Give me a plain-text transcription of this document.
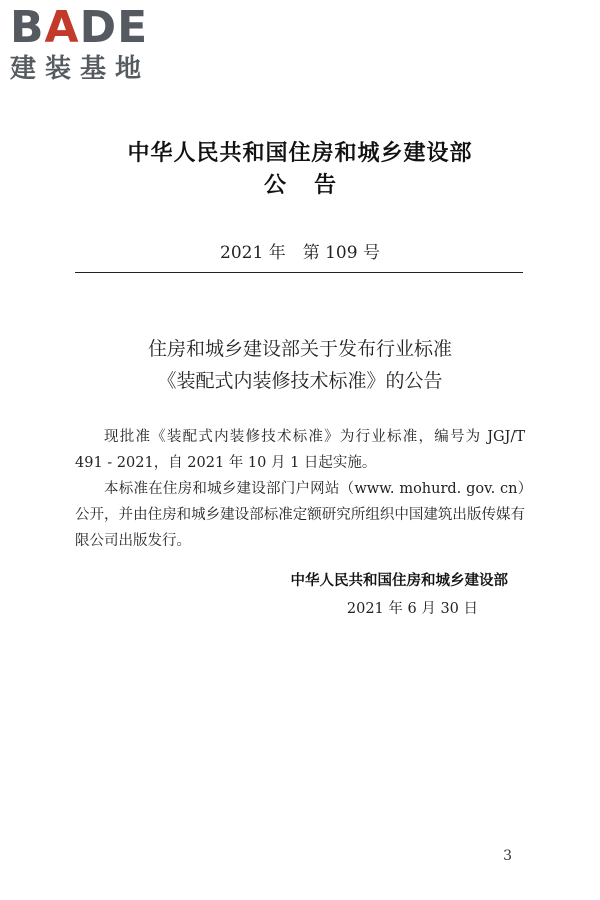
BADE
建装基地
中华人民共和国住房和城乡建设部
公告
2021 年　第 109 号
住房和城乡建设部关于发布行业标准
《装配式内装修技术标准》的公告
现批准《装配式内装修技术标准》为行业标准，编号为 JGJ/T 491 - 2021，自 2021 年 10 月 1 日起实施。
本标准在住房和城乡建设部门户网站（www. mohurd. gov. cn）公开，并由住房和城乡建设部标准定额研究所组织中国建筑出版传媒有限公司出版发行。
中华人民共和国住房和城乡建设部
2021 年 6 月 30 日
3
